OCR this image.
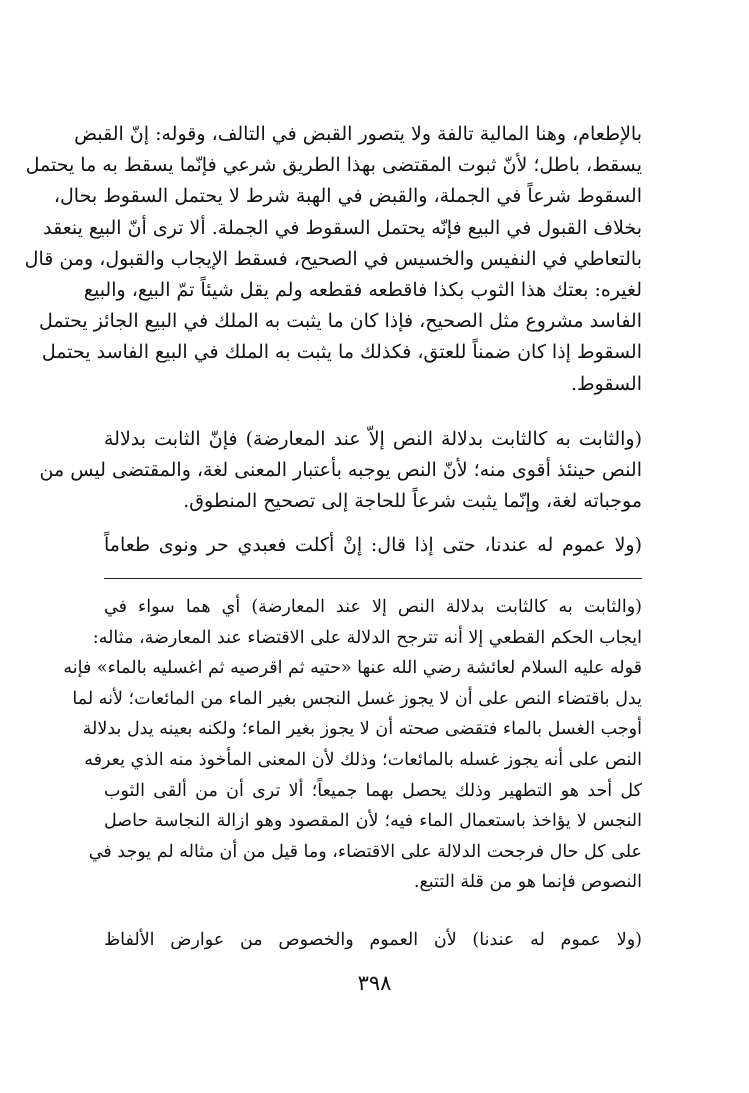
بالإطعام، وهنا المالية تالفة ولا يتصور القبض في التالف، وقوله: إنّ القبض
يسقط، باطل؛ لأنّ ثبوت المقتضى بهذا الطريق شرعي فإنّما يسقط به ما يحتمل
السقوط شرعاً في الجملة، والقبض في الهبة شرط لا يحتمل السقوط بحال،
بخلاف القبول في البيع فإنّه يحتمل السقوط في الجملة. ألا ترى أنّ البيع ينعقد
بالتعاطي في النفيس والخسيس في الصحيح، فسقط الإيجاب والقبول، ومن قال
لغيره: بعتك هذا الثوب بكذا فاقطعه فقطعه ولم يقل شيئاً تمّ البيع، والبيع
الفاسد مشروع مثل الصحيح، فإذا كان ما يثبت به الملك في البيع الجائز يحتمل
السقوط إذا كان ضمناً للعتق، فكذلك ما يثبت به الملك في البيع الفاسد يحتمل
السقوط.
(والثابت به كالثابت بدلالة النص إلاّ عند المعارضة) فإنّ الثابت بدلالة
النص حينئذ أقوى منه؛ لأنّ النص يوجبه بأعتبار المعنى لغة، والمقتضى ليس من
موجباته لغة، وإنّما يثبت شرعاً للحاجة إلى تصحيح المنطوق.
(ولا عموم له عندنا، حتى إذا قال: إنْ أكلت فعبدي حر ونوى طعاماً
(والثابت به كالثابت بدلالة النص إلا عند المعارضة) أي هما سواء في
ايجاب الحكم القطعي إلا أنه تترجح الدلالة على الاقتضاء عند المعارضة، مثاله:
قوله عليه السلام لعائشة رضي الله عنها «حتيه ثم اقرصيه ثم اغسليه بالماء» فإنه
يدل باقتضاء النص على أن لا يجوز غسل النجس بغير الماء من المائعات؛ لأنه لما
أوجب الغسل بالماء فتقضى صحته أن لا يجوز بغير الماء؛ ولكنه بعينه يدل بدلالة
النص على أنه يجوز غسله بالمائعات؛ وذلك لأن المعنى المأخوذ منه الذي يعرفه
كل أحد هو التطهير وذلك يحصل بهما جميعاً؛ ألا ترى أن من ألقى الثوب
النجس لا يؤاخذ باستعمال الماء فيه؛ لأن المقصود وهو ازالة النجاسة حاصل
على كل حال فرجحت الدلالة على الاقتضاء، وما قيل من أن مثاله لم يوجد في
النصوص فإنما هو من قلة التتبع.
(ولا عموم له عندنا) لأن العموم والخصوص من عوارض الألفاظ
٣٩٨
